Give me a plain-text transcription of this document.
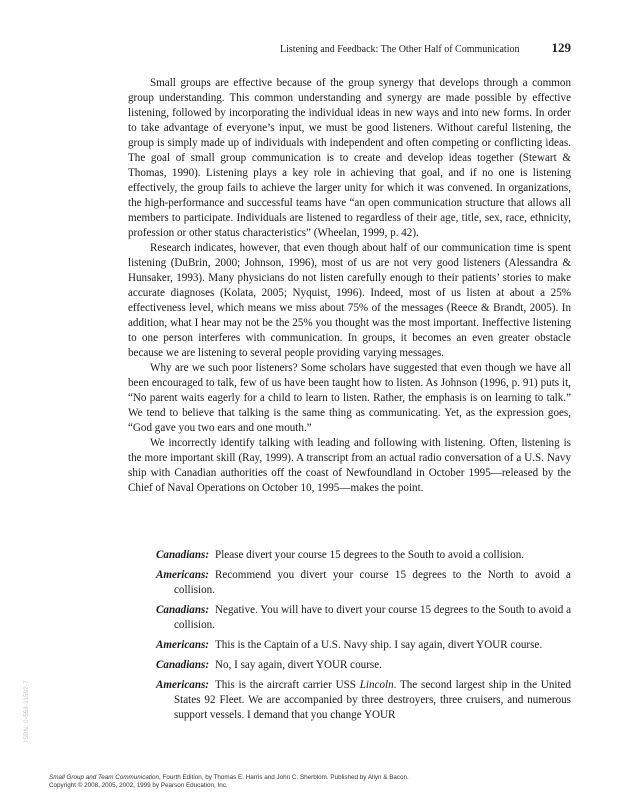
Listening and Feedback: The Other Half of Communication 129

Small groups are effective because of the group synergy that develops through a common group understanding. This common understanding and synergy are made possible by effective listening, followed by incorporating the individual ideas in new ways and into new forms. In order to take advantage of everyone’s input, we must be good listeners. Without careful listening, the group is simply made up of individuals with independent and often competing or conflicting ideas. The goal of small group communication is to create and develop ideas together (Stewart & Thomas, 1990). Listening plays a key role in achieving that goal, and if no one is listening effectively, the group fails to achieve the larger unity for which it was convened. In organizations, the high-performance and successful teams have “an open communication structure that allows all members to participate. Individuals are listened to regardless of their age, title, sex, race, ethnicity, profession or other status characteristics” (Wheelan, 1999, p. 42).

Research indicates, however, that even though about half of our communication time is spent listening (DuBrin, 2000; Johnson, 1996), most of us are not very good listeners (Alessandra & Hunsaker, 1993). Many physicians do not listen carefully enough to their patients’ stories to make accurate diagnoses (Kolata, 2005; Nyquist, 1996). Indeed, most of us listen at about a 25% effectiveness level, which means we miss about 75% of the messages (Reece & Brandt, 2005). In addition, what I hear may not be the 25% you thought was the most important. Ineffective listening to one person interferes with communication. In groups, it becomes an even greater obstacle because we are listening to several people providing varying messages.

Why are we such poor listeners? Some scholars have suggested that even though we have all been encouraged to talk, few of us have been taught how to listen. As Johnson (1996, p. 91) puts it, “No parent waits eagerly for a child to learn to listen. Rather, the emphasis is on learning to talk.” We tend to believe that talking is the same thing as communicating. Yet, as the expression goes, “God gave you two ears and one mouth.”

We incorrectly identify talking with leading and following with listening. Often, listening is the more important skill (Ray, 1999). A transcript from an actual radio conversation of a U.S. Navy ship with Canadian authorities off the coast of Newfoundland in October 1995—released by the Chief of Naval Operations on October 10, 1995—makes the point.

Canadians: Please divert your course 15 degrees to the South to avoid a collision.

Americans: Recommend you divert your course 15 degrees to the North to avoid a collision.

Canadians: Negative. You will have to divert your course 15 degrees to the South to avoid a collision.

Americans: This is the Captain of a U.S. Navy ship. I say again, divert YOUR course.

Canadians: No, I say again, divert YOUR course.

Americans: This is the aircraft carrier USS Lincoln. The second largest ship in the United States 92 Fleet. We are accompanied by three destroyers, three cruisers, and numerous support vessels. I demand that you change YOUR

ISBN: 0-558-11592-7
Small Group and Team Communication, Fourth Edition, by Thomas E. Harris and John C. Sherblom. Published by Allyn & Bacon.
Copyright © 2008, 2005, 2002, 1999 by Pearson Education, Inc.
